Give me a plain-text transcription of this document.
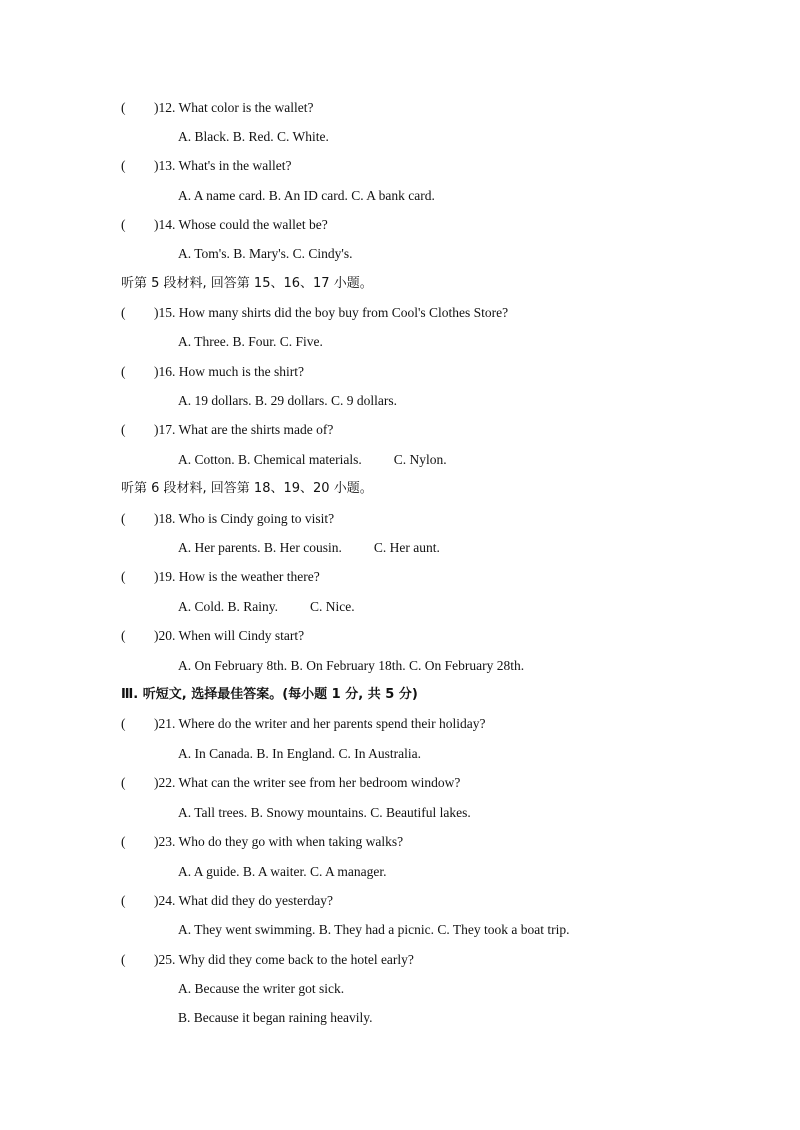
( )12. What color is the wallet?
A. Black. B. Red. C. White.
( )13. What's in the wallet?
A. A name card. B. An ID card. C. A bank card.
( )14. Whose could the wallet be?
A. Tom's. B. Mary's. C. Cindy's.
听第 5 段材料, 回答第 15、16、17 小题。
( )15. How many shirts did the boy buy from Cool's Clothes Store?
A. Three. B. Four. C. Five.
( )16. How much is the shirt?
A. 19 dollars. B. 29 dollars. C. 9 dollars.
( )17. What are the shirts made of?
A. Cotton. B. Chemical materials. C. Nylon.
听第 6 段材料, 回答第 18、19、20 小题。
( )18. Who is Cindy going to visit?
A. Her parents. B. Her cousin. C. Her aunt.
( )19. How is the weather there?
A. Cold. B. Rainy. C. Nice.
( )20. When will Cindy start?
A. On February 8th. B. On February 18th. C. On February 28th.
Ⅲ. 听短文, 选择最佳答案。(每小题 1 分, 共 5 分)
( )21. Where do the writer and her parents spend their holiday?
A. In Canada. B. In England. C. In Australia.
( )22. What can the writer see from her bedroom window?
A. Tall trees. B. Snowy mountains. C. Beautiful lakes.
( )23. Who do they go with when taking walks?
A. A guide. B. A waiter. C. A manager.
( )24. What did they do yesterday?
A. They went swimming. B. They had a picnic. C. They took a boat trip.
( )25. Why did they come back to the hotel early?
A. Because the writer got sick.
B. Because it began raining heavily.
